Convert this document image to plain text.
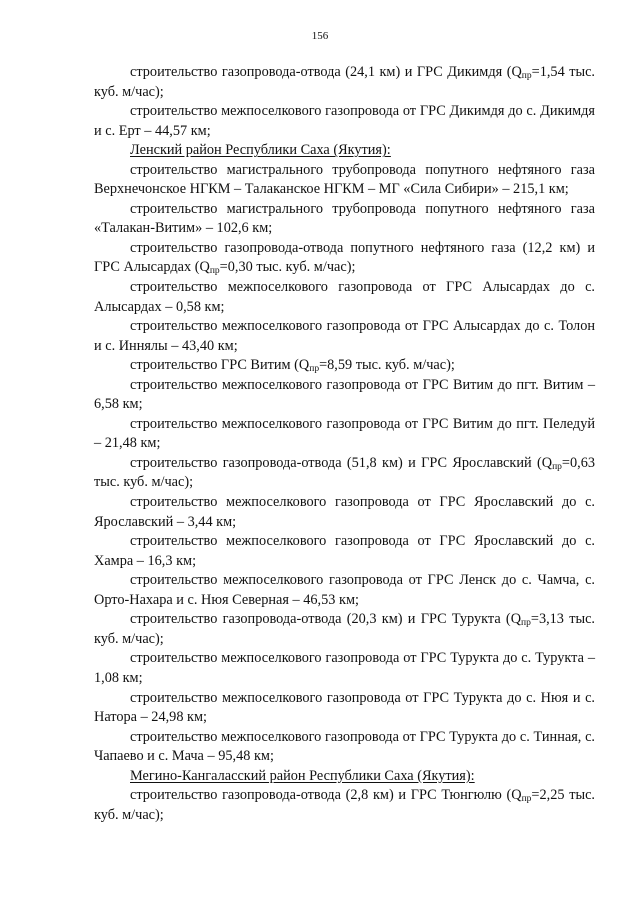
156

строительство газопровода-отвода (24,1 км) и ГРС Дикимдя ($Q_{пр}=1,54$ тыс. куб. м/час);

строительство межпоселкового газопровода от ГРС Дикимдя до с. Дикимдя и с. Ерт – 44,57 км;

Ленский район Республики Саха (Якутия):

строительство магистрального трубопровода попутного нефтяного газа Верхнечонское НГКМ – Талаканское НГКМ – МГ «Сила Сибири» – 215,1 км;

строительство магистрального трубопровода попутного нефтяного газа «Талакан-Витим» – 102,6 км;

строительство газопровода-отвода попутного нефтяного газа (12,2 км) и ГРС Алысардах ($Q_{пр}=0,30$ тыс. куб. м/час);

строительство межпоселкового газопровода от ГРС Алысардах до с. Алысардах – 0,58 км;

строительство межпоселкового газопровода от ГРС Алысардах до с. Толон и с. Иннялы – 43,40 км;

строительство ГРС Витим ($Q_{пр}=8,59$ тыс. куб. м/час);

строительство межпоселкового газопровода от ГРС Витим до пгт. Витим – 6,58 км;

строительство межпоселкового газопровода от ГРС Витим до пгт. Пеледуй – 21,48 км;

строительство газопровода-отвода (51,8 км) и ГРС Ярославский ($Q_{пр}=0,63$ тыс. куб. м/час);

строительство межпоселкового газопровода от ГРС Ярославский до с. Ярославский – 3,44 км;

строительство межпоселкового газопровода от ГРС Ярославский до с. Хамра – 16,3 км;

строительство межпоселкового газопровода от ГРС Ленск до с. Чамча, с. Орто-Нахара и с. Нюя Северная – 46,53 км;

строительство газопровода-отвода (20,3 км) и ГРС Турукта ($Q_{пр}=3,13$ тыс. куб. м/час);

строительство межпоселкового газопровода от ГРС Турукта до с. Турукта – 1,08 км;

строительство межпоселкового газопровода от ГРС Турукта до с. Нюя и с. Натора – 24,98 км;

строительство межпоселкового газопровода от ГРС Турукта до с. Тинная, с. Чапаево и с. Мача – 95,48 км;

Мегино-Кангаласский район Республики Саха (Якутия):

строительство газопровода-отвода (2,8 км) и ГРС Тюнгюлю ($Q_{пр}=2,25$ тыс. куб. м/час);
